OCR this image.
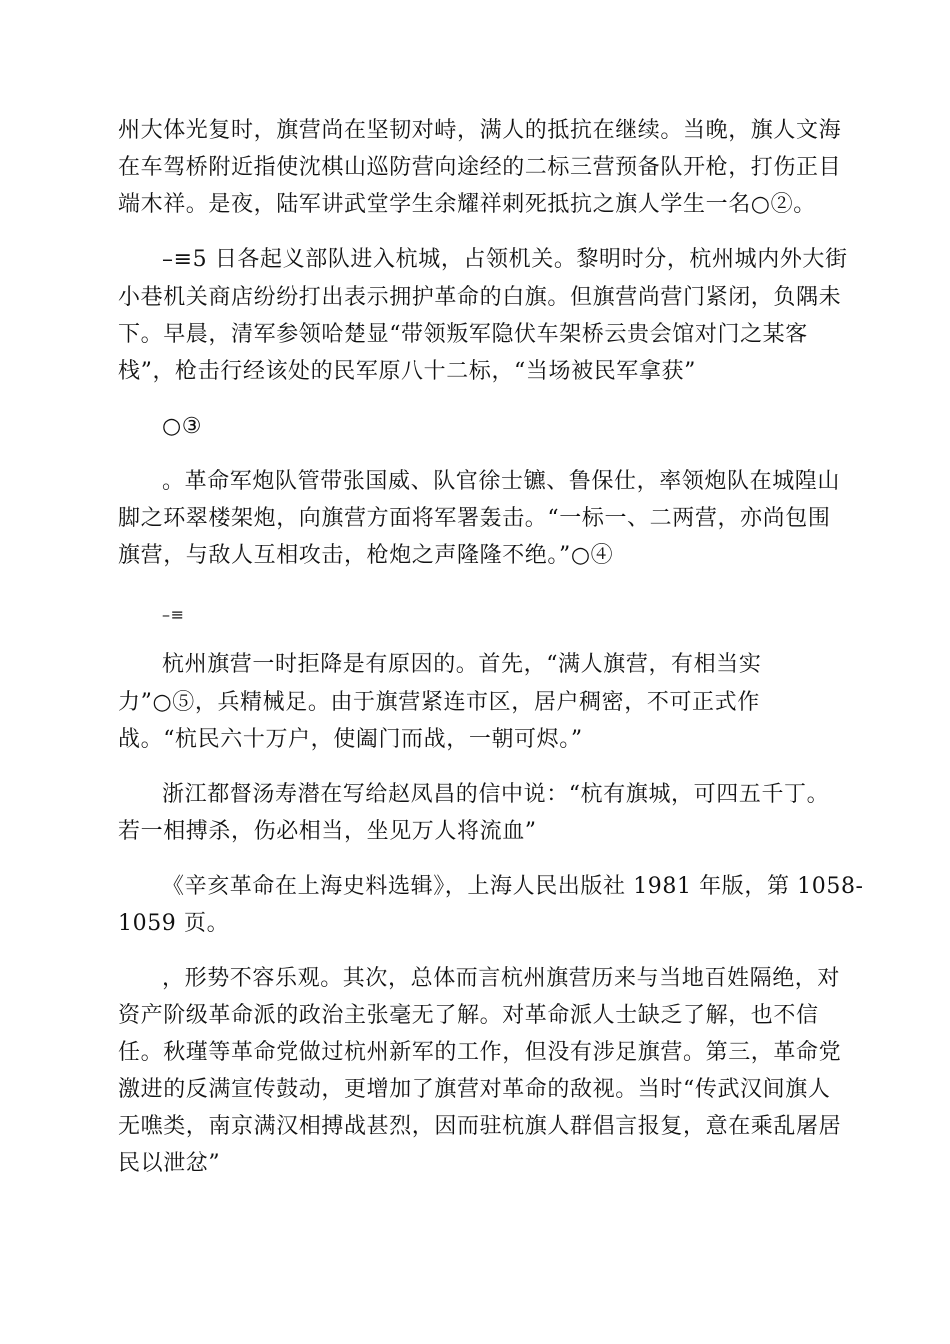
州大体光复时，旗营尚在坚韧对峙，满人的抵抗在继续。当晚，旗人文海
在车驾桥附近指使沈棋山巡防营向途经的二标三营预备队开枪，打伤正目
端木祥。是夜，陆军讲武堂学生余耀祥刺死抵抗之旗人学生一名○②。
–≡5 日各起义部队进入杭城，占领机关。黎明时分，杭州城内外大街
小巷机关商店纷纷打出表示拥护革命的白旗。但旗营尚营门紧闭，负隅未
下。早晨，清军参领哈楚显“带领叛军隐伏车架桥云贵会馆对门之某客
栈”，枪击行经该处的民军原八十二标，“当场被民军拿获”
○③
。革命军炮队管带张国威、队官徐士镳、鲁保仕，率领炮队在城隍山
脚之环翠楼架炮，向旗营方面将军署轰击。“一标一、二两营，亦尚包围
旗营，与敌人互相攻击，枪炮之声隆隆不绝。”○④
–≡
杭州旗营一时拒降是有原因的。首先，“满人旗营，有相当实
力”○⑤，兵精械足。由于旗营紧连市区，居户稠密，不可正式作
战。“杭民六十万户，使阖门而战，一朝可烬。”
浙江都督汤寿潜在写给赵凤昌的信中说：“杭有旗城，可四五千丁。
若一相搏杀，伤必相当，坐见万人将流血”
《辛亥革命在上海史料选辑》，上海人民出版社 1981 年版，第 1058-
1059 页。
，形势不容乐观。其次，总体而言杭州旗营历来与当地百姓隔绝，对
资产阶级革命派的政治主张毫无了解。对革命派人士缺乏了解，也不信
任。秋瑾等革命党做过杭州新军的工作，但没有涉足旗营。第三，革命党
激进的反满宣传鼓动，更增加了旗营对革命的敌视。当时“传武汉间旗人
无噍类，南京满汉相搏战甚烈，因而驻杭旗人群倡言报复，意在乘乱屠居
民以泄忿”
